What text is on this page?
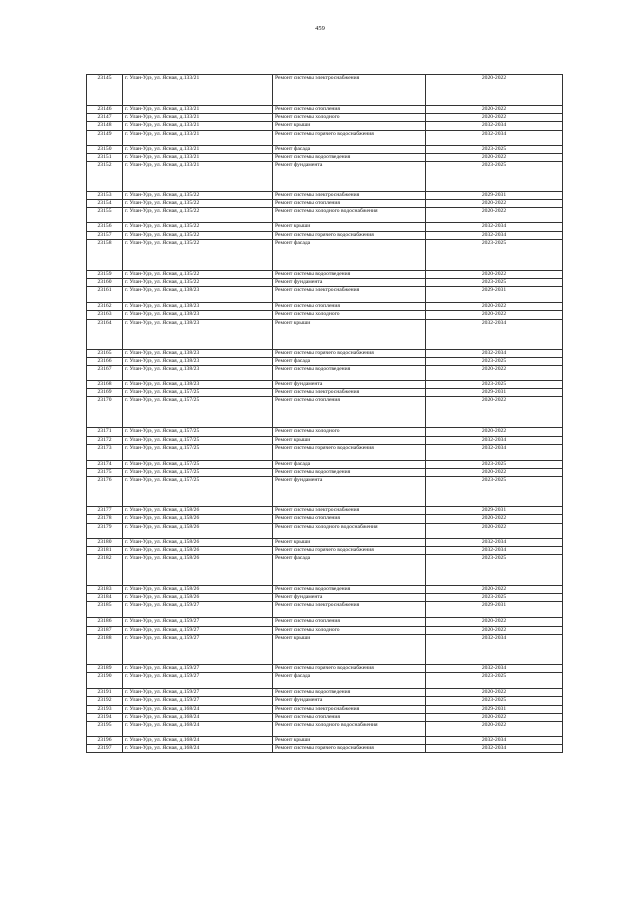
459
23145	г. Улан-Удэ, ул. Ясная, д.133/21	Ремонт системы электроснабжения	2020-2022
23146	г. Улан-Удэ, ул. Ясная, д.133/21	Ремонт системы отопления	2020-2022
23147	г. Улан-Удэ, ул. Ясная, д.133/21	Ремонт системы холодного	2020-2022
23148	г. Улан-Удэ, ул. Ясная, д.133/21	Ремонт крыши	2032-2034
23149	г. Улан-Удэ, ул. Ясная, д.133/21	Ремонт системы горячего водоснабжения	2032-2034
23150	г. Улан-Удэ, ул. Ясная, д.133/21	Ремонт фасада	2023-2025
23151	г. Улан-Удэ, ул. Ясная, д.133/21	Ремонт системы водоотведения	2020-2022
23152	г. Улан-Удэ, ул. Ясная, д.133/21	Ремонт фундамента	2023-2025
23153	г. Улан-Удэ, ул. Ясная, д.135/22	Ремонт системы электроснабжения	2029-2031
23154	г. Улан-Удэ, ул. Ясная, д.135/22	Ремонт системы отопления	2020-2022
23155	г. Улан-Удэ, ул. Ясная, д.135/22	Ремонт системы холодного водоснабжения	2020-2022
23156	г. Улан-Удэ, ул. Ясная, д.135/22	Ремонт крыши	2032-2034
23157	г. Улан-Удэ, ул. Ясная, д.135/22	Ремонт системы горячего водоснабжения	2032-2034
23158	г. Улан-Удэ, ул. Ясная, д.135/22	Ремонт фасада	2023-2025
23159	г. Улан-Удэ, ул. Ясная, д.135/22	Ремонт системы водоотведения	2020-2022
23160	г. Улан-Удэ, ул. Ясная, д.135/22	Ремонт фундамента	2023-2025
23161	г. Улан-Удэ, ул. Ясная, д.138/23	Ремонт системы электроснабжения	2029-2031
23162	г. Улан-Удэ, ул. Ясная, д.138/23	Ремонт системы отопления	2020-2022
23163	г. Улан-Удэ, ул. Ясная, д.138/23	Ремонт системы холодного	2020-2022
23164	г. Улан-Удэ, ул. Ясная, д.138/23	Ремонт крыши	2032-2034
23165	г. Улан-Удэ, ул. Ясная, д.138/23	Ремонт системы горячего водоснабжения	2032-2034
23166	г. Улан-Удэ, ул. Ясная, д.138/23	Ремонт фасада	2023-2025
23167	г. Улан-Удэ, ул. Ясная, д.138/23	Ремонт системы водоотведения	2020-2022
23168	г. Улан-Удэ, ул. Ясная, д.138/23	Ремонт фундамента	2023-2025
23169	г. Улан-Удэ, ул. Ясная, д.157/25	Ремонт системы электроснабжения	2029-2031
23170	г. Улан-Удэ, ул. Ясная, д.157/25	Ремонт системы отопления	2020-2022
23171	г. Улан-Удэ, ул. Ясная, д.157/25	Ремонт системы холодного	2020-2022
23172	г. Улан-Удэ, ул. Ясная, д.157/25	Ремонт крыши	2032-2034
23173	г. Улан-Удэ, ул. Ясная, д.157/25	Ремонт системы горячего водоснабжения	2032-2034
23174	г. Улан-Удэ, ул. Ясная, д.157/25	Ремонт фасада	2023-2025
23175	г. Улан-Удэ, ул. Ясная, д.157/25	Ремонт системы водоотведения	2020-2022
23176	г. Улан-Удэ, ул. Ясная, д.157/25	Ремонт фундамента	2023-2025
23177	г. Улан-Удэ, ул. Ясная, д.158/26	Ремонт системы электроснабжения	2029-2031
23178	г. Улан-Удэ, ул. Ясная, д.158/26	Ремонт системы отопления	2020-2022
23179	г. Улан-Удэ, ул. Ясная, д.158/26	Ремонт системы холодного водоснабжения	2020-2022
23180	г. Улан-Удэ, ул. Ясная, д.158/26	Ремонт крыши	2032-2034
23181	г. Улан-Удэ, ул. Ясная, д.158/26	Ремонт системы горячего водоснабжения	2032-2034
23182	г. Улан-Удэ, ул. Ясная, д.158/26	Ремонт фасада	2023-2025
23183	г. Улан-Удэ, ул. Ясная, д.158/26	Ремонт системы водоотведения	2020-2022
23184	г. Улан-Удэ, ул. Ясная, д.158/26	Ремонт фундамента	2023-2025
23185	г. Улан-Удэ, ул. Ясная, д.159/27	Ремонт системы электроснабжения	2029-2031
23186	г. Улан-Удэ, ул. Ясная, д.159/27	Ремонт системы отопления	2020-2022
23187	г. Улан-Удэ, ул. Ясная, д.159/27	Ремонт системы холодного	2020-2022
23188	г. Улан-Удэ, ул. Ясная, д.159/27	Ремонт крыши	2032-2034
23189	г. Улан-Удэ, ул. Ясная, д.159/27	Ремонт системы горячего водоснабжения	2032-2034
23190	г. Улан-Удэ, ул. Ясная, д.159/27	Ремонт фасада	2023-2025
23191	г. Улан-Удэ, ул. Ясная, д.159/27	Ремонт системы водоотведения	2020-2022
23192	г. Улан-Удэ, ул. Ясная, д.159/27	Ремонт фундамента	2023-2025
23193	г. Улан-Удэ, ул. Ясная, д.168/24	Ремонт системы электроснабжения	2029-2031
23194	г. Улан-Удэ, ул. Ясная, д.168/24	Ремонт системы отопления	2020-2022
23195	г. Улан-Удэ, ул. Ясная, д.168/24	Ремонт системы холодного водоснабжения	2020-2022
23196	г. Улан-Удэ, ул. Ясная, д.168/24	Ремонт крыши	2032-2034
23197	г. Улан-Удэ, ул. Ясная, д.168/24	Ремонт системы горячего водоснабжения	2032-2034
